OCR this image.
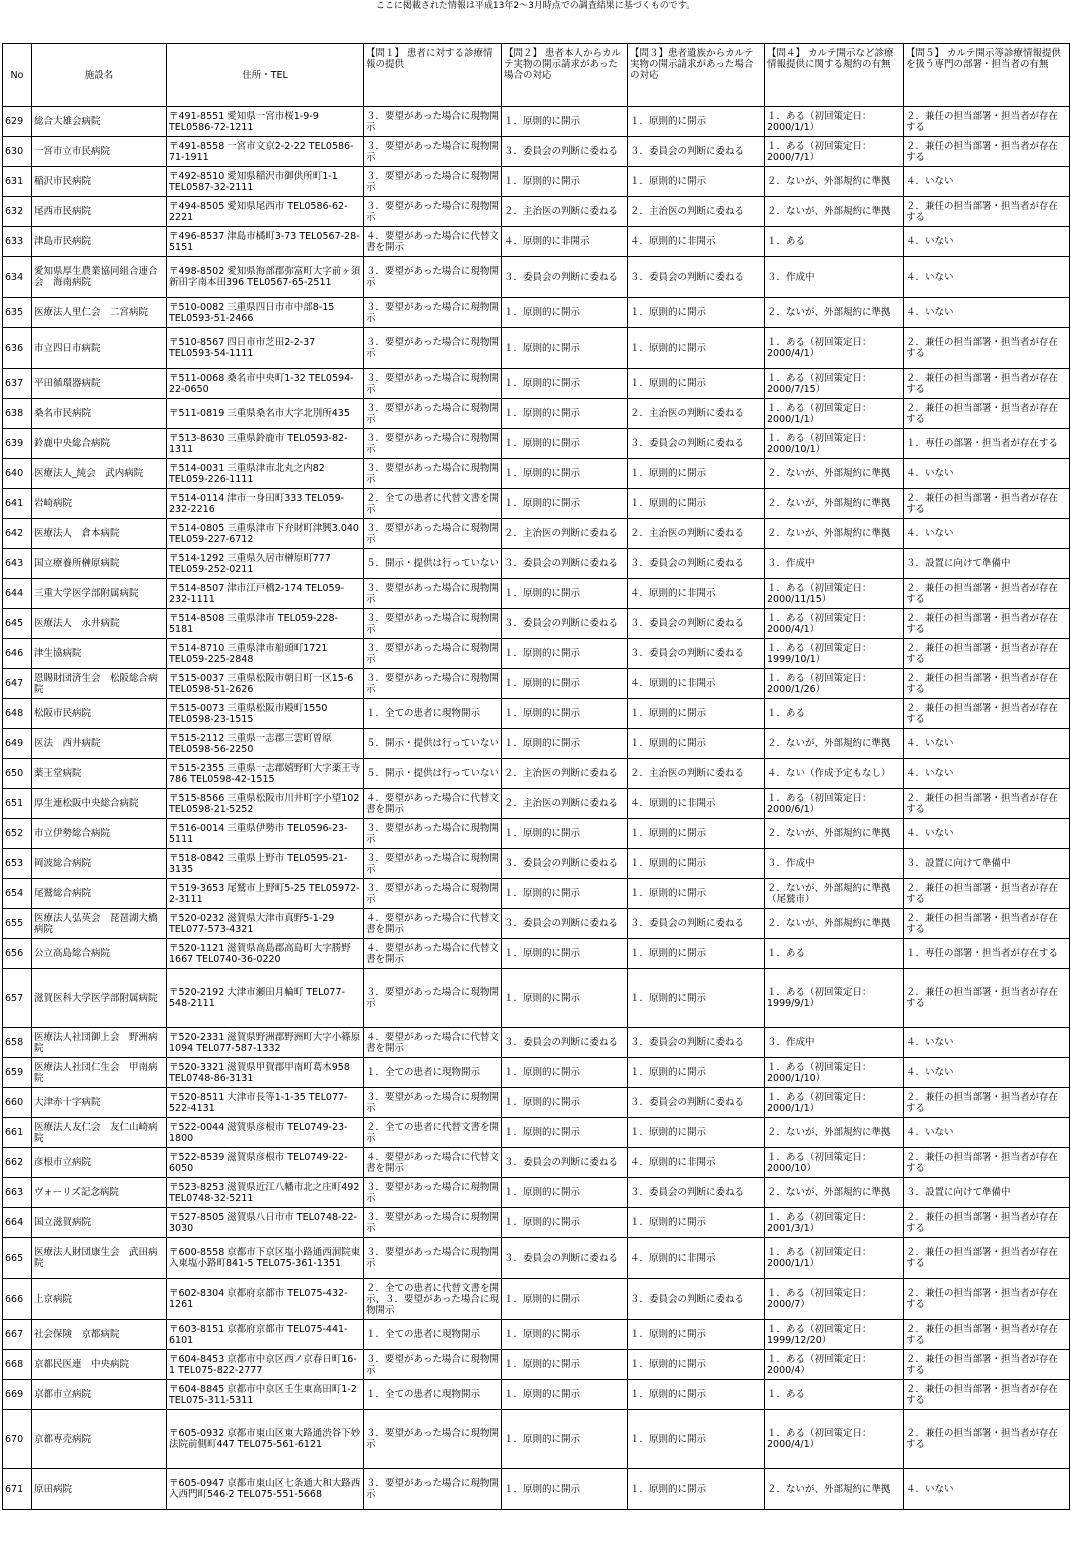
ここに掲載された情報は平成13年2～3月時点での調査結果に基づくものです。
No	施設名	住所・TEL	【問１】 患者に対する診療情報の提供	【問２】 患者本人からカルテ実物の開示請求があった場合の対応	【問３】患者遺族からカルテ実物の開示請求があった場合の対応	【問４】 カルテ開示など診療情報提供に関する規約の有無	【問５】 カルテ開示等診療情報提供を扱う専門の部署・担当者の有無
629	総合大雄会病院	〒491-8551 愛知県一宮市桜1-9-9 TEL0586-72-1211	３．要望があった場合に現物開示	１．原則的に開示	１．原則的に開示	１．ある（初回策定日：2000/1/1）	２．兼任の担当部署・担当者が存在する
630	一宮市立市民病院	〒491-8558 一宮市文京2-2-22 TEL0586-71-1911	３．要望があった場合に現物開示	３．委員会の判断に委ねる	３．委員会の判断に委ねる	１．ある（初回策定日：2000/7/1）	２．兼任の担当部署・担当者が存在する
631	稲沢市民病院	〒492-8510 愛知県稲沢市御供所町1-1 TEL0587-32-2111	３．要望があった場合に現物開示	１．原則的に開示	１．原則的に開示	２．ないが、外部規約に準拠	４．いない
632	尾西市民病院	〒494-8505 愛知県尾西市 TEL0586-62-2221	３．要望があった場合に現物開示	２．主治医の判断に委ねる	２．主治医の判断に委ねる	２．ないが、外部規約に準拠	２．兼任の担当部署・担当者が存在する
633	津島市民病院	〒496-8537 津島市橘町3-73 TEL0567-28-5151	４．要望があった場合に代替文書を開示	４．原則的に非開示	４．原則的に非開示	１．ある	４．いない
634	愛知県厚生農業協同組合連合会　海南病院	〒498-8502 愛知県海部郡弥富町大字前ヶ須新田字南本田396 TEL0567-65-2511	３．要望があった場合に現物開示	３．委員会の判断に委ねる	３．委員会の判断に委ねる	３．作成中	４．いない
635	医療法人里仁会　二宮病院	〒510-0082 三重県四日市市中部8-15 TEL0593-51-2466	３．要望があった場合に現物開示	１．原則的に開示	１．原則的に開示	２．ないが、外部規約に準拠	４．いない
636	市立四日市病院	〒510-8567 四日市市芝田2-2-37 TEL0593-54-1111	３．要望があった場合に現物開示	１．原則的に開示	１．原則的に開示	１．ある（初回策定日：2000/4/1）	２．兼任の担当部署・担当者が存在する
637	平田循環器病院	〒511-0068 桑名市中央町1-32 TEL0594-22-0650	３．要望があった場合に現物開示	１．原則的に開示	１．原則的に開示	１．ある（初回策定日：2000/7/15）	２．兼任の担当部署・担当者が存在する
638	桑名市民病院	〒511-0819 三重県桑名市大字北別所435	３．要望があった場合に現物開示	１．原則的に開示	２．主治医の判断に委ねる	１．ある（初回策定日：2000/1/1）	２．兼任の担当部署・担当者が存在する
639	鈴鹿中央総合病院	〒513-8630 三重県鈴鹿市 TEL0593-82-1311	３．要望があった場合に現物開示	１．原則的に開示	３．委員会の判断に委ねる	１．ある（初回策定日：2000/10/1）	１．専任の部署・担当者が存在する
640	医療法人_純会　武内病院	〒514-0031 三重県津市北丸之内82 TEL059-226-1111	３．要望があった場合に現物開示	１．原則的に開示	１．原則的に開示	２．ないが、外部規約に準拠	４．いない
641	岩崎病院	〒514-0114 津市一身田町333 TEL059-232-2216	２．全ての患者に代替文書を開示	１．原則的に開示	１．原則的に開示	２．ないが、外部規約に準拠	２．兼任の担当部署・担当者が存在する
642	医療法人　倉本病院	〒514-0805 三重県津市下弁財町津興3.040 TEL059-227-6712	３．要望があった場合に現物開示	２．主治医の判断に委ねる	２．主治医の判断に委ねる	２．ないが、外部規約に準拠	４．いない
643	国立療養所榊原病院	〒514-1292 三重県久居市榊原町777 TEL059-252-0211	５．開示・提供は行っていない	３．委員会の判断に委ねる	３．委員会の判断に委ねる	３．作成中	３．設置に向けて準備中
644	三重大学医学部附属病院	〒514-8507 津市江戸橋2-174 TEL059-232-1111	３．要望があった場合に現物開示	１．原則的に開示	４．原則的に非開示	１．ある（初回策定日：2000/11/15）	２．兼任の担当部署・担当者が存在する
645	医療法人　永井病院	〒514-8508 三重県津市 TEL059-228-5181	３．要望があった場合に現物開示	３．委員会の判断に委ねる	３．委員会の判断に委ねる	１．ある（初回策定日：2000/4/1）	２．兼任の担当部署・担当者が存在する
646	津生協病院	〒514-8710 三重県津市船頭町1721 TEL059-225-2848	３．要望があった場合に現物開示	１．原則的に開示	３．委員会の判断に委ねる	１．ある（初回策定日：1999/10/1）	２．兼任の担当部署・担当者が存在する
647	恩賜財団済生会　松阪総合病院	〒515-0037 三重県松阪市朝日町一区15-6 TEL0598-51-2626	３．要望があった場合に現物開示	１．原則的に開示	４．原則的に非開示	１．ある（初回策定日：2000/1/26）	２．兼任の担当部署・担当者が存在する
648	松阪市民病院	〒515-0073 三重県松阪市殿町1550 TEL0598-23-1515	１．全ての患者に現物開示	１．原則的に開示	１．原則的に開示	１．ある	２．兼任の担当部署・担当者が存在する
649	医法　西井病院	〒515-2112 三重県一志郡三雲町曽原 TEL0598-56-2250	５．開示・提供は行っていない	１．原則的に開示	１．原則的に開示	２．ないが、外部規約に準拠	４．いない
650	薬王堂病院	〒515-2355 三重県一志郡嬉野町大字薬王寺786 TEL0598-42-1515	５．開示・提供は行っていない	２．主治医の判断に委ねる	２．主治医の判断に委ねる	４．ない（作成予定もなし）	４．いない
651	厚生連松阪中央総合病院	〒515-8566 三重県松阪市川井町字小望102 TEL0598-21-5252	４．要望があった場合に代替文書を開示	２．主治医の判断に委ねる	４．原則的に非開示	１．ある（初回策定日：2000/6/1）	２．兼任の担当部署・担当者が存在する
652	市立伊勢総合病院	〒516-0014 三重県伊勢市 TEL0596-23-5111	３．要望があった場合に現物開示	１．原則的に開示	１．原則的に開示	２．ないが、外部規約に準拠	４．いない
653	岡波総合病院	〒518-0842 三重県上野市 TEL0595-21-3135	３．要望があった場合に現物開示	３．委員会の判断に委ねる	１．原則的に開示	３．作成中	３．設置に向けて準備中
654	尾鷲総合病院	〒519-3653 尾鷲市上野町5-25 TEL05972-2-3111	３．要望があった場合に現物開示	１．原則的に開示	１．原則的に開示	２．ないが、外部規約に準拠（尾鷲市）	２．兼任の担当部署・担当者が存在する
655	医療法人弘英会　琵琶湖大橋病院	〒520-0232 滋賀県大津市真野5-1-29 TEL077-573-4321	４．要望があった場合に代替文書を開示	３．委員会の判断に委ねる	３．委員会の判断に委ねる	２．ないが、外部規約に準拠	２．兼任の担当部署・担当者が存在する
656	公立高島総合病院	〒520-1121 滋賀県高島郡高島町大字勝野1667 TEL0740-36-0220	４．要望があった場合に代替文書を開示	１．原則的に開示	１．原則的に開示	１．ある	１．専任の部署・担当者が存在する
657	滋賀医科大学医学部附属病院	〒520-2192 大津市瀬田月輪町 TEL077-548-2111	３．要望があった場合に現物開示	１．原則的に開示	１．原則的に開示	１．ある（初回策定日：1999/9/1）	２．兼任の担当部署・担当者が存在する
658	医療法人社団御上会　野洲病院	〒520-2331 滋賀県野洲郡野洲町大字小篠原1094 TEL077-587-1332	４．要望があった場合に代替文書を開示	３．委員会の判断に委ねる	３．委員会の判断に委ねる	３．作成中	４．いない
659	医療法人社団仁生会　甲南病院	〒520-3321 滋賀県甲賀郡甲南町葛木958 TEL0748-86-3131	１．全ての患者に現物開示	１．原則的に開示	１．原則的に開示	１．ある（初回策定日：2000/1/10）	４．いない
660	大津赤十字病院	〒520-8511 大津市長等1-1-35 TEL077-522-4131	３．要望があった場合に現物開示	１．原則的に開示	３．委員会の判断に委ねる	１．ある（初回策定日：2000/1/1）	２．兼任の担当部署・担当者が存在する
661	医療法人友仁会　友仁山崎病院	〒522-0044 滋賀県彦根市 TEL0749-23-1800	２．全ての患者に代替文書を開示	１．原則的に開示	１．原則的に開示	２．ないが、外部規約に準拠	４．いない
662	彦根市立病院	〒522-8539 滋賀県彦根市 TEL0749-22-6050	４．要望があった場合に代替文書を開示	３．委員会の判断に委ねる	４．原則的に非開示	１．ある（初回策定日：2000/10）	２．兼任の担当部署・担当者が存在する
663	ヴォーリズ記念病院	〒523-8253 滋賀県近江八幡市北之庄町492 TEL0748-32-5211	３．要望があった場合に現物開示	１．原則的に開示	３．委員会の判断に委ねる	２．ないが、外部規約に準拠	３．設置に向けて準備中
664	国立滋賀病院	〒527-8505 滋賀県八日市市 TEL0748-22-3030	３．要望があった場合に現物開示	１．原則的に開示	１．原則的に開示	１．ある（初回策定日：2001/3/1）	２．兼任の担当部署・担当者が存在する
665	医療法人財団康生会　武田病院	〒600-8558 京都市下京区塩小路通西洞院東入東塩小路町841-5 TEL075-361-1351	３．要望があった場合に現物開示	３．委員会の判断に委ねる	４．原則的に非開示	１．ある（初回策定日：2000/1/1）	２．兼任の担当部署・担当者が存在する
666	上京病院	〒602-8304 京都府京都市 TEL075-432-1261	２．全ての患者に代替文書を開示、３．要望があった場合に現物開示	１．原則的に開示	３．委員会の判断に委ねる	１．ある（初回策定日：2000/7）	２．兼任の担当部署・担当者が存在する
667	社会保険　京都病院	〒603-8151 京都府京都市 TEL075-441-6101	１．全ての患者に現物開示	１．原則的に開示	１．原則的に開示	１．ある（初回策定日：1999/12/20）	２．兼任の担当部署・担当者が存在する
668	京都民医連　中央病院	〒604-8453 京都市中京区西ノ京春日町16-1 TEL075-822-2777	３．要望があった場合に現物開示	１．原則的に開示	１．原則的に開示	１．ある（初回策定日：2000/4）	２．兼任の担当部署・担当者が存在する
669	京都市立病院	〒604-8845 京都市中京区壬生東高田町1-2 TEL075-311-5311	１．全ての患者に現物開示	１．原則的に開示	１．原則的に開示	１．ある	２．兼任の担当部署・担当者が存在する
670	京都専売病院	〒605-0932 京都市東山区東大路通渋谷下妙法院前側町447 TEL075-561-6121	３．要望があった場合に現物開示	１．原則的に開示	１．原則的に開示	１．ある（初回策定日：2000/4/1）	２．兼任の担当部署・担当者が存在する
671	原田病院	〒605-0947 京都市東山区七条通大和大路西入西門町546-2 TEL075-551-5668	３．要望があった場合に現物開示	１．原則的に開示	１．原則的に開示	２．ないが、外部規約に準拠	４．いない
